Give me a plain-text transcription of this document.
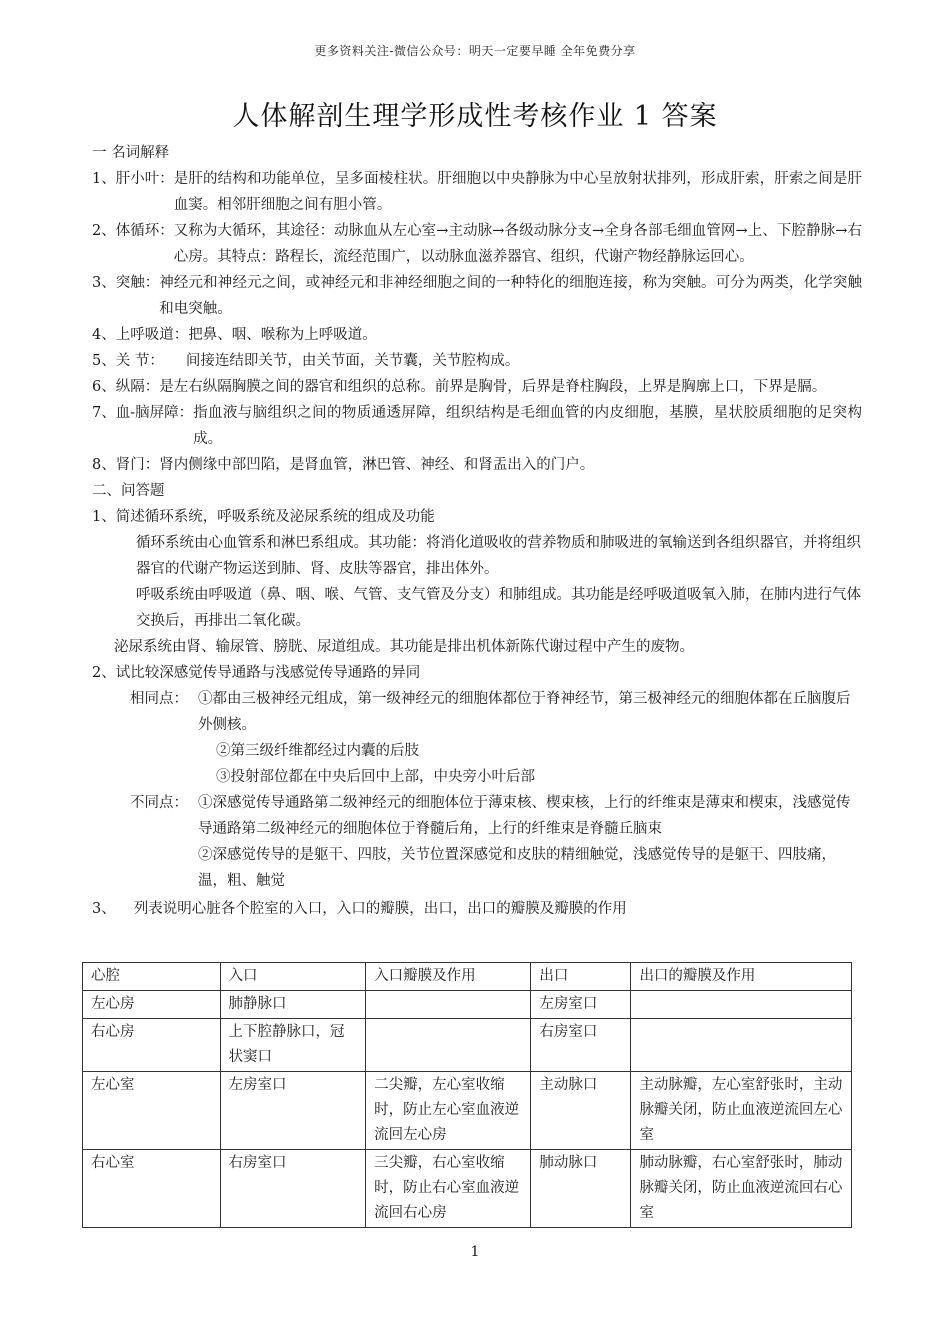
更多资料关注-微信公众号：明天一定要早睡 全年免费分享
人体解剖生理学形成性考核作业 1 答案
一 名词解释
1、 肝小叶： 是肝的结构和功能单位，呈多面棱柱状。肝细胞以中央静脉为中心呈放射状排列，形成肝索，肝索之间是肝血窦。相邻肝细胞之间有胆小管。
2、 体循环： 又称为大循环，其途径：动脉血从左心室→主动脉→各级动脉分支→全身各部毛细血管网→上、下腔静脉→右心房。其特点：路程长，流经范围广，以动脉血滋养器官、组织，代谢产物经静脉运回心。
3、 突触： 神经元和神经元之间，或神经元和非神经细胞之间的一种特化的细胞连接，称为突触。可分为两类，化学突触和电突触。
4、 上呼吸道： 把鼻、咽、喉称为上呼吸道。
5、 关 节： 间接连结即关节，由关节面，关节囊，关节腔构成。
6、 纵隔： 是左右纵隔胸膜之间的器官和组织的总称。前界是胸骨，后界是脊柱胸段，上界是胸廓上口，下界是膈。
7、 血-脑屏障： 指血液与脑组织之间的物质通透屏障，组织结构是毛细血管的内皮细胞，基膜，星状胶质细胞的足突构成。
8、 肾门： 肾内侧缘中部凹陷，是肾血管，淋巴管、神经、和肾盂出入的门户。
二、问答题
1、 简述循环系统，呼吸系统及泌尿系统的组成及功能
循环系统由心血管系和淋巴系组成。其功能：将消化道吸收的营养物质和肺吸进的氧输送到各组织器官，并将组织器官的代谢产物运送到肺、肾、皮肤等器官，排出体外。
呼吸系统由呼吸道（鼻、咽、喉、气管、支气管及分支）和肺组成。其功能是经呼吸道吸氧入肺，在肺内进行气体交换后，再排出二氧化碳。
泌尿系统由肾、输尿管、膀胱、尿道组成。其功能是排出机体新陈代谢过程中产生的废物。
2、 试比较深感觉传导通路与浅感觉传导通路的异同
相同点： ①都由三极神经元组成，第一级神经元的细胞体都位于脊神经节，第三极神经元的细胞体都在丘脑腹后外侧核。
②第三级纤维都经过内囊的后肢
③投射部位都在中央后回中上部，中央旁小叶后部
不同点： ①深感觉传导通路第二级神经元的细胞体位于薄束核、楔束核，上行的纤维束是薄束和楔束，浅感觉传导通路第二级神经元的细胞体位于脊髓后角，上行的纤维束是脊髓丘脑束
②深感觉传导的是躯干、四肢，关节位置深感觉和皮肤的精细触觉，浅感觉传导的是躯干、四肢痛，温，粗、触觉
3、 列表说明心脏各个腔室的入口，入口的瓣膜，出口，出口的瓣膜及瓣膜的作用
心腔	入口	入口瓣膜及作用	出口	出口的瓣膜及作用
左心房	肺静脉口		左房室口	
右心房	上下腔静脉口，冠状窦口		右房室口	
左心室	左房室口	二尖瓣，左心室收缩时，防止左心室血液逆流回左心房	主动脉口	主动脉瓣，左心室舒张时，主动脉瓣关闭，防止血液逆流回左心室
右心室	右房室口	三尖瓣，右心室收缩时，防止右心室血液逆流回右心房	肺动脉口	肺动脉瓣，右心室舒张时，肺动脉瓣关闭，防止血液逆流回右心室
1
